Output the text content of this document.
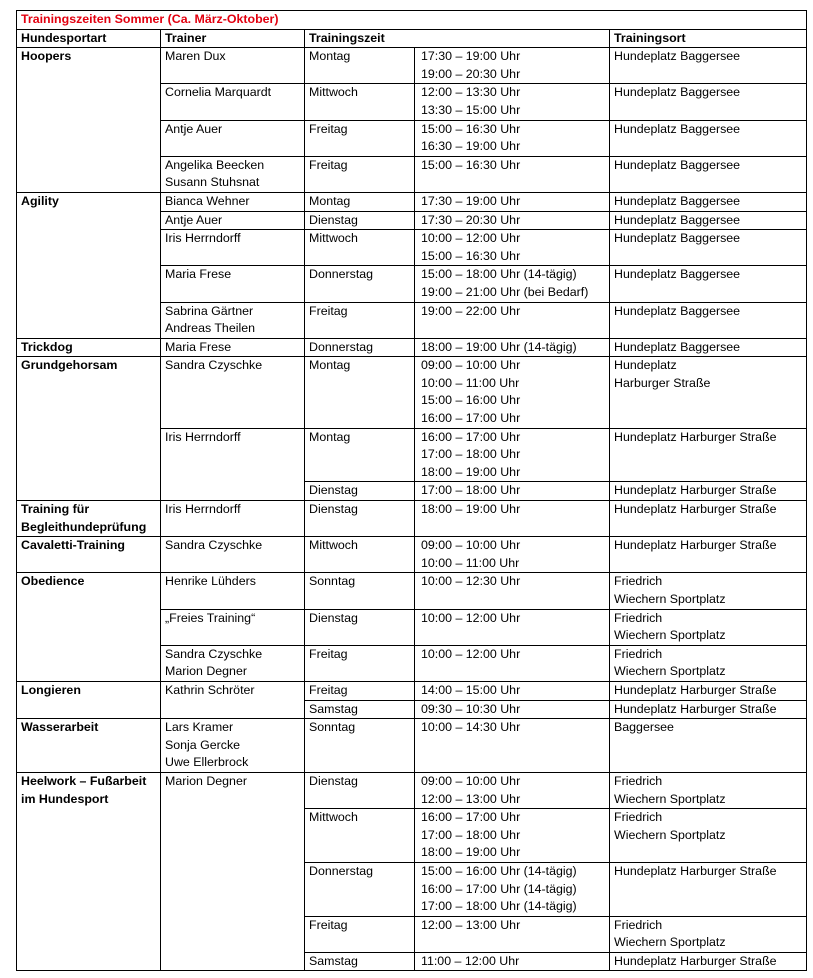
Trainingszeiten Sommer (Ca. März-Oktober)				
Hundesportart	Trainer	Trainingszeit		Trainingsort
Hoopers	Maren Dux	Montag	17:30 – 19:00 Uhr
19:00 – 20:30 Uhr	Hundeplatz Baggersee

	Cornelia Marquardt	Mittwoch	12:00 – 13:30 Uhr
13:30 – 15:00 Uhr	Hundeplatz Baggersee

	Antje Auer	Freitag	15:00 – 16:30 Uhr
16:30 – 19:00 Uhr	Hundeplatz Baggersee

	Angelika Beecken
Susann Stuhsnat	Freitag	15:00 – 16:30 Uhr	Hundeplatz Baggersee

Agility	Bianca Wehner	Montag	17:30 – 19:00 Uhr	Hundeplatz Baggersee

	Antje Auer	Dienstag	17:30 – 20:30 Uhr	Hundeplatz Baggersee

	Iris Herrndorff	Mittwoch	10:00 – 12:00 Uhr
15:00 – 16:30 Uhr	Hundeplatz Baggersee

	Maria Frese	Donnerstag	15:00 – 18:00 Uhr (14-tägig)
19:00 – 21:00 Uhr (bei Bedarf)	Hundeplatz Baggersee

	Sabrina Gärtner
Andreas Theilen	Freitag	19:00 – 22:00 Uhr	Hundeplatz Baggersee

Trickdog	Maria Frese	Donnerstag	18:00 – 19:00 Uhr (14-tägig)	Hundeplatz Baggersee

Grundgehorsam	Sandra Czyschke	Montag	09:00 – 10:00 Uhr
10:00 – 11:00 Uhr
15:00 – 16:00 Uhr
16:00 – 17:00 Uhr	Hundeplatz
Harburger Straße

	Iris Herrndorff	Montag	16:00 – 17:00 Uhr
17:00 – 18:00 Uhr
18:00 – 19:00 Uhr	Hundeplatz Harburger Straße

		Dienstag	17:00 – 18:00 Uhr	Hundeplatz Harburger Straße

Training für Begleithundeprüfung	Iris Herrndorff	Dienstag	18:00 – 19:00 Uhr	Hundeplatz Harburger Straße

Cavaletti-Training	Sandra Czyschke	Mittwoch	09:00 – 10:00 Uhr
10:00 – 11:00 Uhr	Hundeplatz Harburger Straße

Obedience	Henrike Lühders	Sonntag	10:00 – 12:30 Uhr	Friedrich
Wiechern Sportplatz

	„Freies Training“	Dienstag	10:00 – 12:00 Uhr	Friedrich
Wiechern Sportplatz

	Sandra Czyschke
Marion Degner	Freitag	10:00 – 12:00 Uhr	Friedrich
Wiechern Sportplatz

Longieren	Kathrin Schröter	Freitag	14:00 – 15:00 Uhr	Hundeplatz Harburger Straße

		Samstag	09:30 – 10:30 Uhr	Hundeplatz Harburger Straße

Wasserarbeit	Lars Kramer
Sonja Gercke
Uwe Ellerbrock	Sonntag	10:00 – 14:30 Uhr	Baggersee

Heelwork – Fußarbeit im Hundesport	Marion Degner	Dienstag	09:00 – 10:00 Uhr
12:00 – 13:00 Uhr	Friedrich
Wiechern Sportplatz

		Mittwoch	16:00 – 17:00 Uhr
17:00 – 18:00 Uhr
18:00 – 19:00 Uhr	Friedrich
Wiechern Sportplatz

		Donnerstag	15:00 – 16:00 Uhr (14-tägig)
16:00 – 17:00 Uhr (14-tägig)
17:00 – 18:00 Uhr (14-tägig)	Hundeplatz Harburger Straße

		Freitag	12:00 – 13:00 Uhr	Friedrich
Wiechern Sportplatz

		Samstag	11:00 – 12:00 Uhr	Hundeplatz Harburger Straße
